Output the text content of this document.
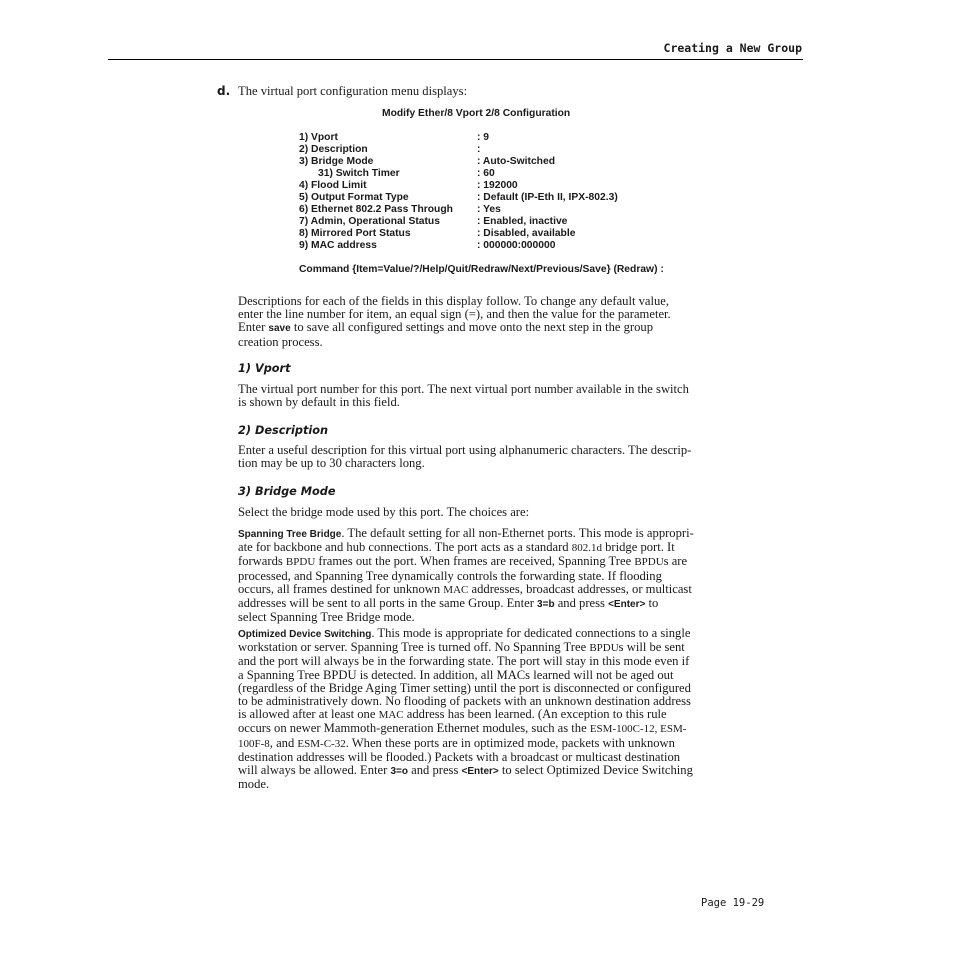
Creating a New Group
d. The virtual port configuration menu displays:
Modify Ether/8 Vport 2/8 Configuration
1) Vport	: 9
2) Description	:
3) Bridge Mode	: Auto-Switched
31) Switch Timer	: 60
4) Flood Limit	: 192000
5) Output Format Type	: Default (IP-Eth II, IPX-802.3)
6) Ethernet 802.2 Pass Through : Yes
7) Admin, Operational Status	: Enabled, inactive
8) Mirrored Port Status	: Disabled, available
9) MAC address	: 000000:000000
Command {Item=Value/?/Help/Quit/Redraw/Next/Previous/Save} (Redraw) :
Descriptions for each of the fields in this display follow. To change any default value,
enter the line number for item, an equal sign (=), and then the value for the parameter.
Enter save to save all configured settings and move onto the next step in the group
creation process.
1) Vport
The virtual port number for this port. The next virtual port number available in the switch
is shown by default in this field.
2) Description
Enter a useful description for this virtual port using alphanumeric characters. The descrip-
tion may be up to 30 characters long.
3) Bridge Mode
Select the bridge mode used by this port. The choices are:
Spanning Tree Bridge. The default setting for all non-Ethernet ports. This mode is appropri-
ate for backbone and hub connections. The port acts as a standard 802.1d bridge port. It
forwards BPDU frames out the port. When frames are received, Spanning Tree BPDUs are
processed, and Spanning Tree dynamically controls the forwarding state. If flooding
occurs, all frames destined for unknown MAC addresses, broadcast addresses, or multicast
addresses will be sent to all ports in the same Group. Enter 3=b and press <Enter> to
select Spanning Tree Bridge mode.
Optimized Device Switching. This mode is appropriate for dedicated connections to a single
workstation or server. Spanning Tree is turned off. No Spanning Tree BPDUs will be sent
and the port will always be in the forwarding state. The port will stay in this mode even if
a Spanning Tree BPDU is detected. In addition, all MACs learned will not be aged out
(regardless of the Bridge Aging Timer setting) until the port is disconnected or configured
to be administratively down. No flooding of packets with an unknown destination address
is allowed after at least one MAC address has been learned. (An exception to this rule
occurs on newer Mammoth-generation Ethernet modules, such as the ESM-100C-12, ESM-
100F-8, and ESM-C-32. When these ports are in optimized mode, packets with unknown
destination addresses will be flooded.) Packets with a broadcast or multicast destination
will always be allowed. Enter 3=o and press <Enter> to select Optimized Device Switching
mode.
Page 19-29
